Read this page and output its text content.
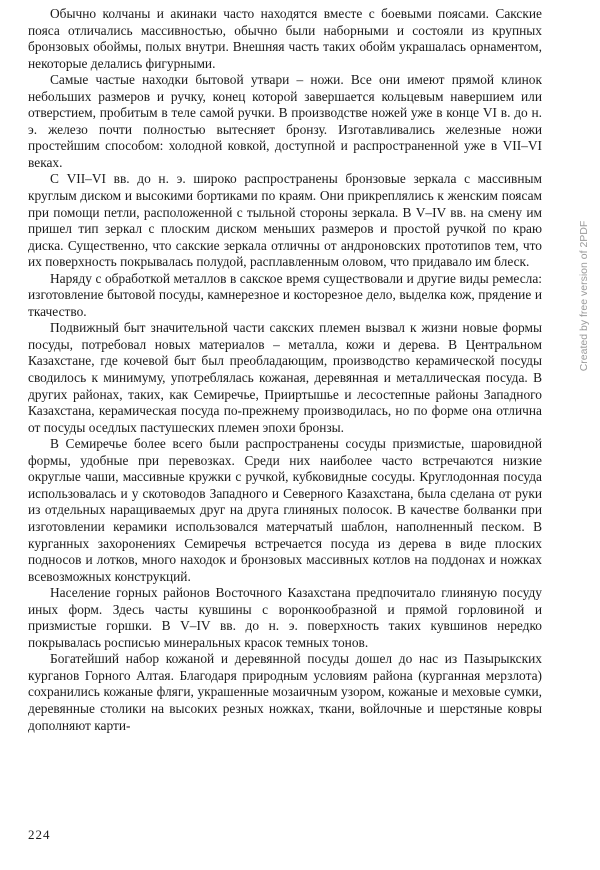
Обычно колчаны и акинаки часто находятся вместе с боевыми поясами. Сакские пояса отличались массивностью, обычно были наборными и состояли из крупных бронзовых обоймы, полых внутри. Внешняя часть таких обойм украшалась орнаментом, некоторые делались фигурными.

Самые частые находки бытовой утвари – ножи. Все они имеют прямой клинок небольших размеров и ручку, конец которой завершается кольцевым навершием или отверстием, пробитым в теле самой ручки. В производстве ножей уже в конце VI в. до н. э. железо почти полностью вытесняет бронзу. Изготавливались железные ножи простейшим способом: холодной ковкой, доступной и распространенной уже в VII–VI веках.

С VII–VI вв. до н. э. широко распространены бронзовые зеркала с массивным круглым диском и высокими бортиками по краям. Они прикреплялись к женским поясам при помощи петли, расположенной с тыльной стороны зеркала. В V–IV вв. на смену им пришел тип зеркал с плоским диском меньших размеров и простой ручкой по краю диска. Существенно, что сакские зеркала отличны от андроновских прототипов тем, что их поверхность покрывалась полудой, расплавленным оловом, что придавало им блеск.

Наряду с обработкой металлов в сакское время существовали и другие виды ремесла: изготовление бытовой посуды, камнерезное и косторезное дело, выделка кож, прядение и ткачество.

Подвижный быт значительной части сакских племен вызвал к жизни новые формы посуды, потребовал новых материалов – металла, кожи и дерева. В Центральном Казахстане, где кочевой быт был преобладающим, производство керамической посуды сводилось к минимуму, употреблялась кожаная, деревянная и металлическая посуда. В других районах, таких, как Семиречье, Прииртышье и лесостепные районы Западного Казахстана, керамическая посуда по-прежнему производилась, но по форме она отлична от посуды оседлых пастушеских племен эпохи бронзы.

В Семиречье более всего были распространены сосуды призмистые, шаровидной формы, удобные при перевозках. Среди них наиболее часто встречаются низкие округлые чаши, массивные кружки с ручкой, кубковидные сосуды. Круглодонная посуда использовалась и у скотоводов Западного и Северного Казахстана, была сделана от руки из отдельных наращиваемых друг на друга глиняных полосок. В качестве болванки при изготовлении керамики использовался матерчатый шаблон, наполненный песком. В курганных захоронениях Семиречья встречается посуда из дерева в виде плоских подносов и лотков, много находок и бронзовых массивных котлов на поддонах и ножках всевозможных конструкций.

Население горных районов Восточного Казахстана предпочитало глиняную посуду иных форм. Здесь часты кувшины с воронкообразной и прямой горловиной и призмистые горшки. В V–IV вв. до н. э. поверхность таких кувшинов нередко покрывалась росписью минеральных красок темных тонов.

Богатейший набор кожаной и деревянной посуды дошел до нас из Пазырыкских курганов Горного Алтая. Благодаря природным условиям района (курганная мерзлота) сохранились кожаные фляги, украшенные мозаичным узором, кожаные и меховые сумки, деревянные столики на высоких резных ножках, ткани, войлочные и шерстяные ковры дополняют карти-

224
Created by free version of 2PDF
